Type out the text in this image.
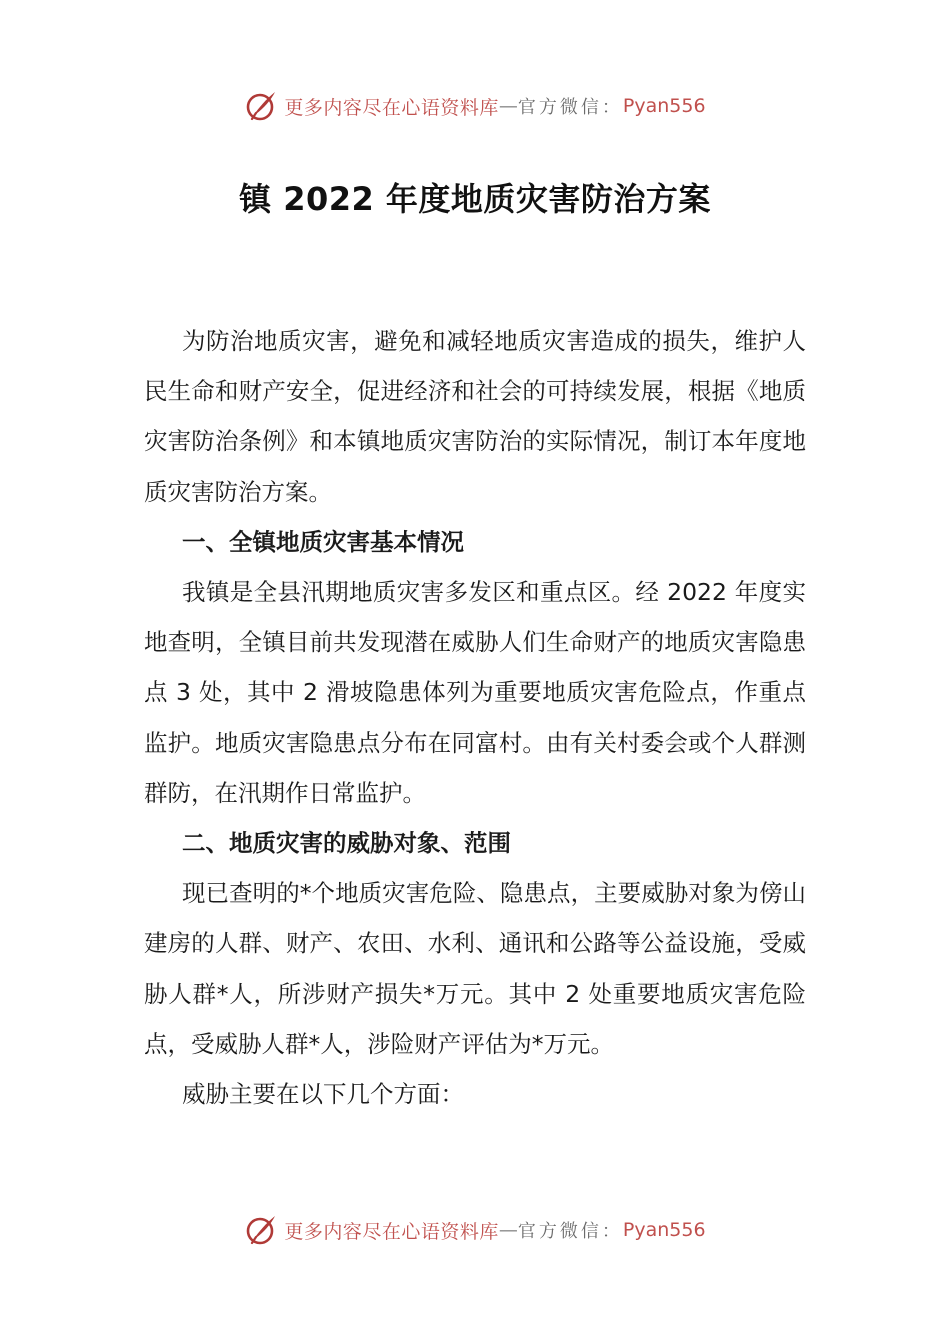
更多内容尽在心语资料库 — 官方微信： Pyan556
镇 2022 年度地质灾害防治方案

为防治地质灾害，避免和减轻地质灾害造成的损失，维护人民生命和财产安全，促进经济和社会的可持续发展，根据《地质灾害防治条例》和本镇地质灾害防治的实际情况，制订本年度地质灾害防治方案。

一、全镇地质灾害基本情况

我镇是全县汛期地质灾害多发区和重点区。经 2022 年度实地查明，全镇目前共发现潜在威胁人们生命财产的地质灾害隐患点 3 处，其中 2 滑坡隐患体列为重要地质灾害危险点，作重点监护。地质灾害隐患点分布在同富村。由有关村委会或个人群测群防，在汛期作日常监护。

二、地质灾害的威胁对象、范围

现已查明的*个地质灾害危险、隐患点，主要威胁对象为傍山建房的人群、财产、农田、水利、通讯和公路等公益设施，受威胁人群*人，所涉财产损失*万元。其中 2 处重要地质灾害危险点，受威胁人群*人，涉险财产评估为*万元。

威胁主要在以下几个方面：

更多内容尽在心语资料库 — 官方微信： Pyan556
